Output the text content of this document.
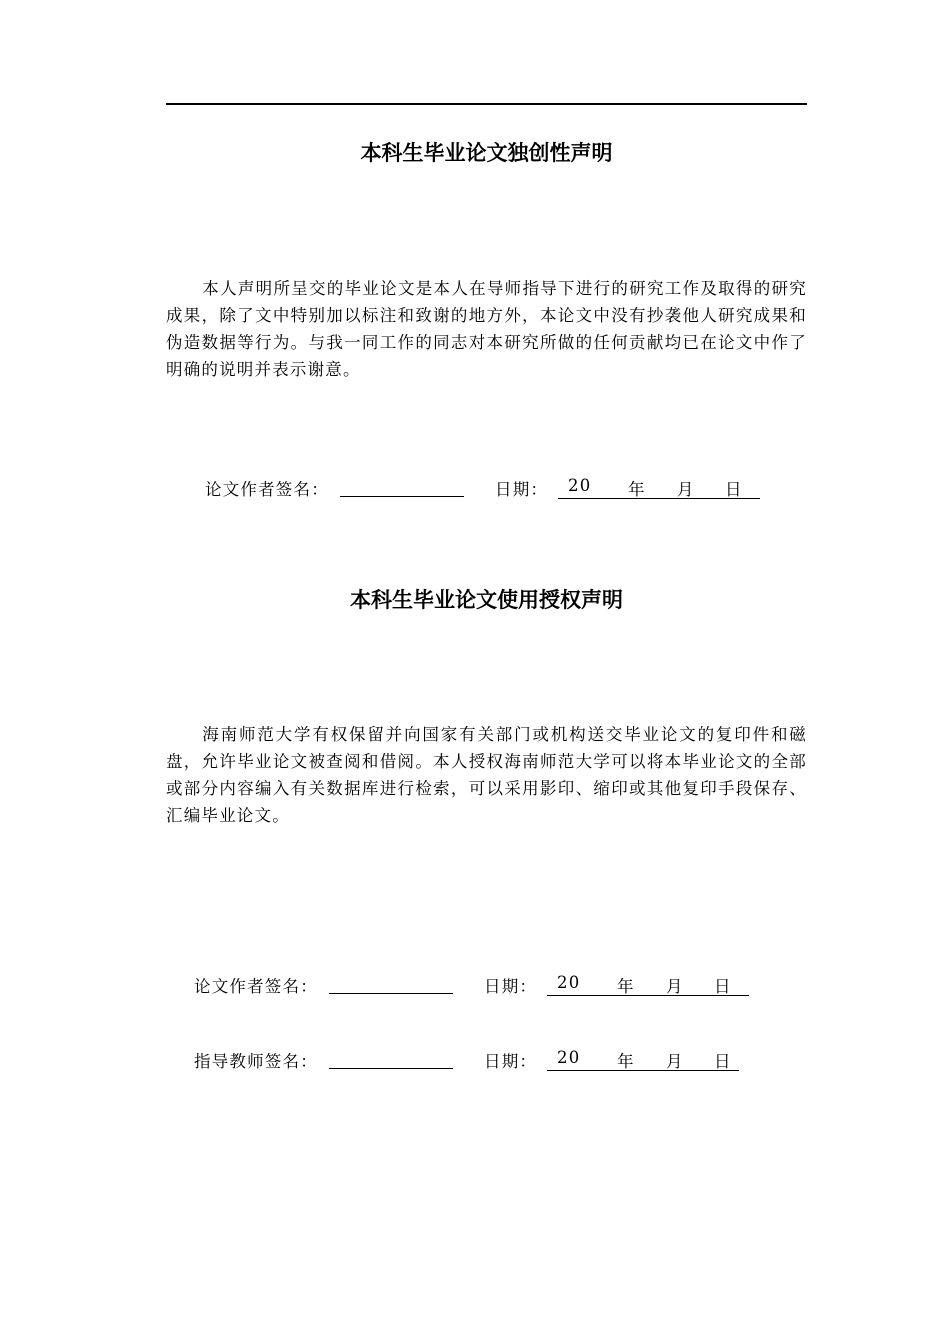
本科生毕业论文独创性声明
本人声明所呈交的毕业论文是本人在导师指导下进行的研究工作及取得的研究成果，除了文中特别加以标注和致谢的地方外，本论文中没有抄袭他人研究成果和伪造数据等行为。与我一同工作的同志对本研究所做的任何贡献均已在论文中作了明确的说明并表示谢意。
论文作者签名：	日期： 20 年 月 日
本科生毕业论文使用授权声明
海南师范大学有权保留并向国家有关部门或机构送交毕业论文的复印件和磁盘，允许毕业论文被查阅和借阅。本人授权海南师范大学可以将本毕业论文的全部或部分内容编入有关数据库进行检索，可以采用影印、缩印或其他复印手段保存、汇编毕业论文。
论文作者签名：	日期： 20 年 月 日
指导教师签名：	日期： 20 年 月 日
